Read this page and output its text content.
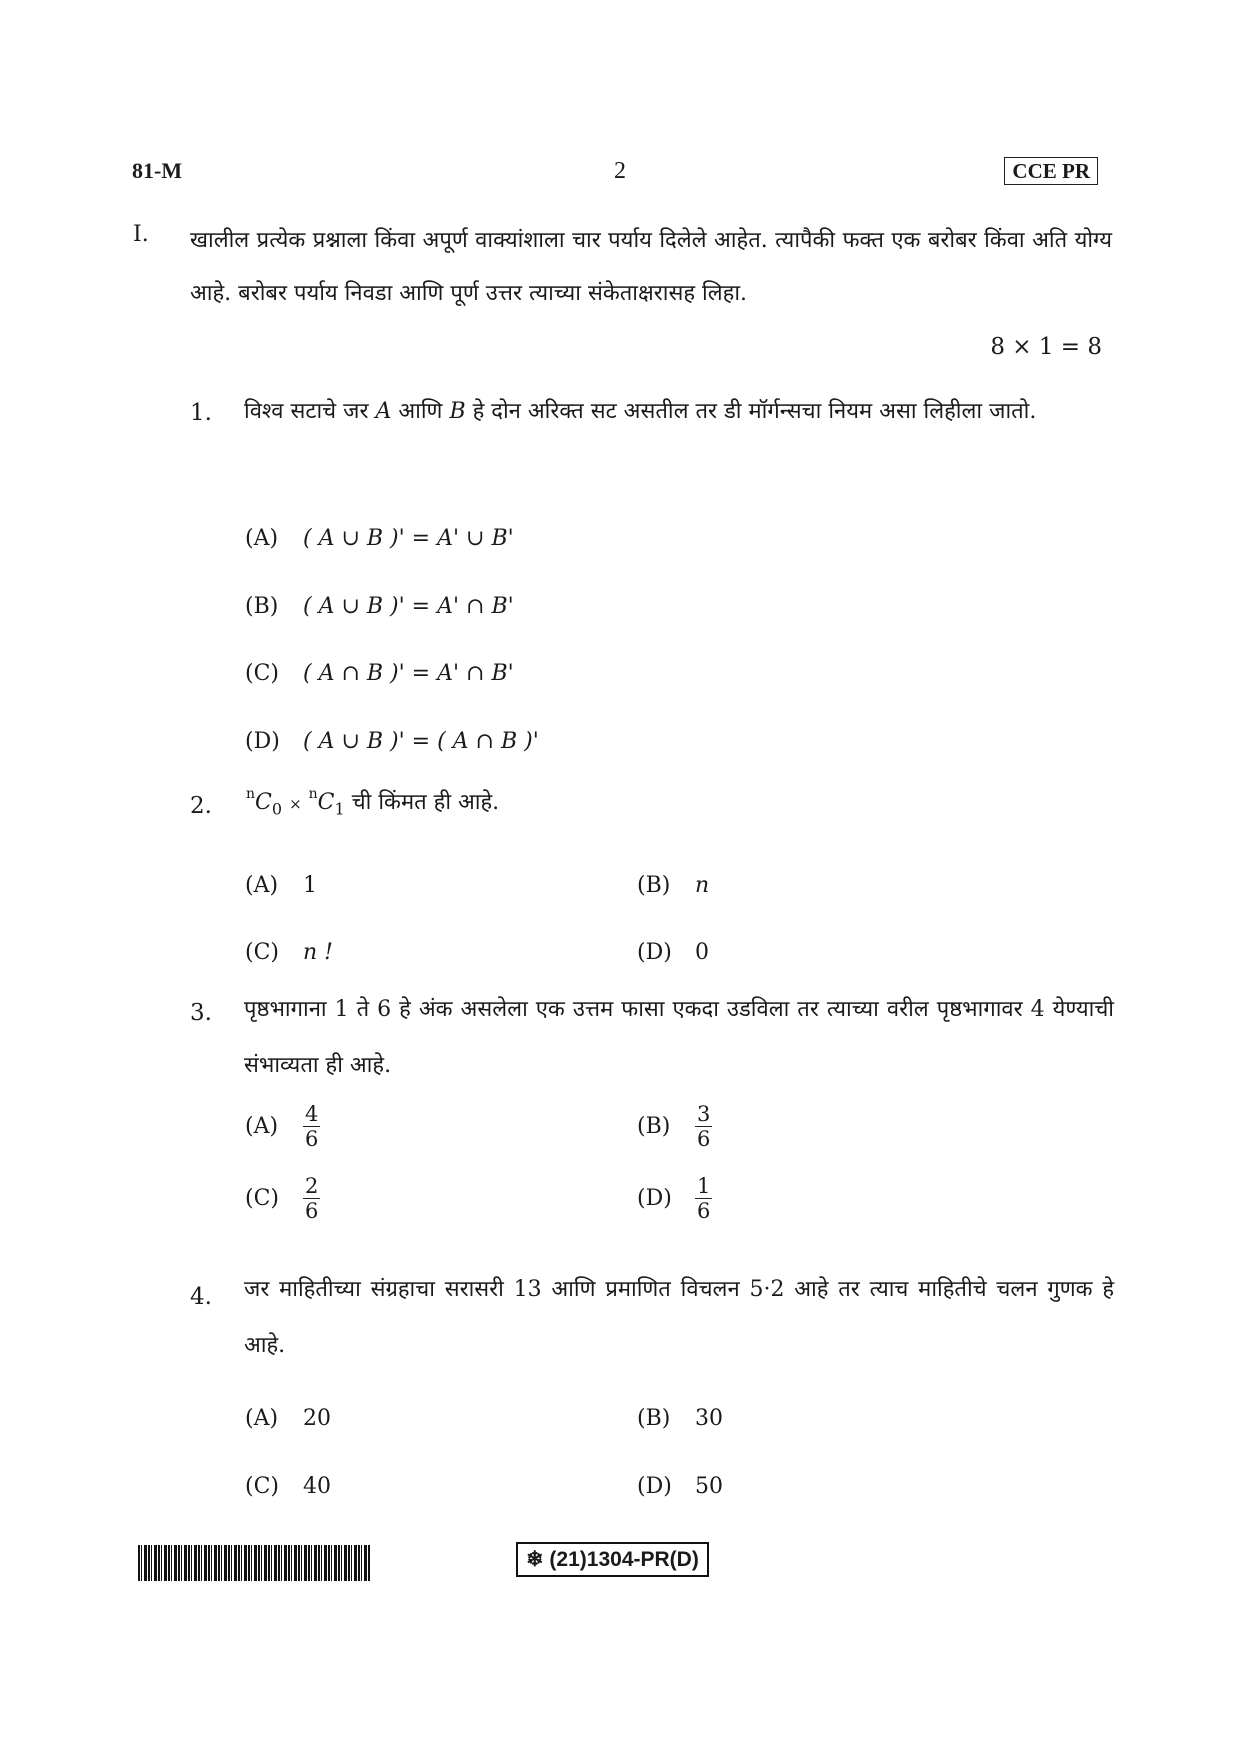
81-M	2	CCE PR
I. खालील प्रत्येक प्रश्नाला किंवा अपूर्ण वाक्यांशाला चार पर्याय दिलेले आहेत. त्यापैकी फक्त एक बरोबर किंवा अति योग्य आहे. बरोबर पर्याय निवडा आणि पूर्ण उत्तर त्याच्या संकेताक्षरासह लिहा.
8 × 1 = 8
1. विश्व सटाचे जर A आणि B हे दोन अरिक्त सट असतील तर डी मॉर्गन्सचा नियम असा लिहीला जातो.
(A) ( A ∪ B )' = A' ∪ B'
(B) ( A ∪ B )' = A' ∩ B'
(C) ( A ∩ B )' = A' ∩ B'
(D) ( A ∪ B )' = ( A ∩ B )'
2. $^nC_0 \times ^nC_1$ ची किंमत ही आहे.
(A) 1	(B) n
(C) n !	(D) 0
3. पृष्ठभागाना 1 ते 6 हे अंक असलेला एक उत्तम फासा एकदा उडविला तर त्याच्या वरील पृष्ठभागावर 4 येण्याची संभाव्यता ही आहे.
$(A) \frac{4}{6}$	$(B) \frac{3}{6}$
$(C) \frac{2}{6}$	$(D) \frac{1}{6}$
4. जर माहितीच्या संग्रहाचा सरासरी 13 आणि प्रमाणित विचलन 5·2 आहे तर त्याच माहितीचे चलन गुणक हे आहे.
(A) 20	(B) 30
(C) 40	(D) 50
❄ (21)1304-PR(D)
